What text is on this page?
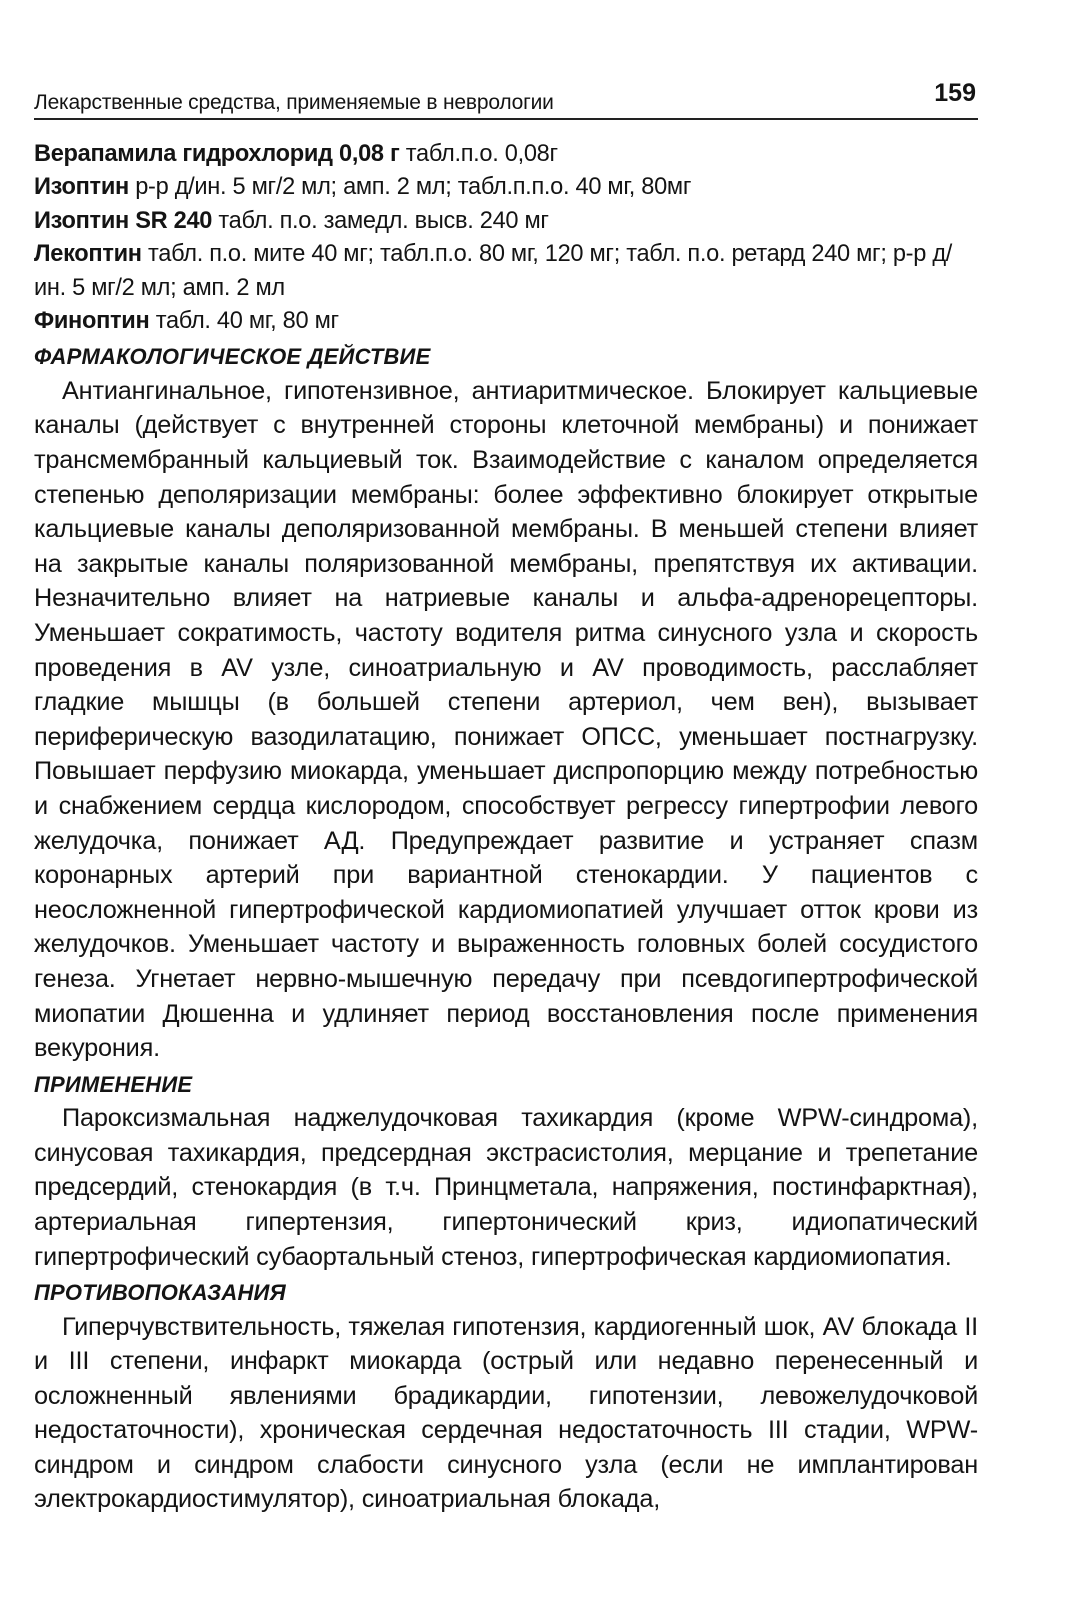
Лекарственные средства, применяемые в неврологии	159

Верапамила гидрохлорид 0,08 г табл.п.о. 0,08г

Изоптин р-р д/ин. 5 мг/2 мл; амп. 2 мл; табл.п.п.о. 40 мг, 80мг

Изоптин SR 240 табл. п.о. замедл. высв. 240 мг

Лекоптин табл. п.о. мите 40 мг; табл.п.о. 80 мг, 120 мг; табл. п.о. ретард 240 мг; р-р д/ин. 5 мг/2 мл; амп. 2 мл

Финоптин табл. 40 мг, 80 мг

ФАРМАКОЛОГИЧЕСКОЕ ДЕЙСТВИЕ

Антиангинальное, гипотензивное, антиаритмическое. Блокирует кальциевые каналы (действует с внутренней стороны клеточной мембраны) и понижает трансмембранный кальциевый ток. Взаимодействие с каналом определяется степенью деполяризации мембраны: более эффективно блокирует открытые кальциевые каналы деполяризованной мембраны. В меньшей степени влияет на закрытые каналы поляризованной мембраны, препятствуя их активации. Незначительно влияет на натриевые каналы и альфа-адренорецепторы. Уменьшает сократимость, частоту водителя ритма синусного узла и скорость проведения в AV узле, синоатриальную и AV проводимость, расслабляет гладкие мышцы (в большей степени артериол, чем вен), вызывает периферическую вазодилатацию, понижает ОПСС, уменьшает постнагрузку. Повышает перфузию миокарда, уменьшает диспропорцию между потребностью и снабжением сердца кислородом, способствует регрессу гипертрофии левого желудочка, понижает АД. Предупреждает развитие и устраняет спазм коронарных артерий при вариантной стенокардии. У пациентов с неосложненной гипертрофической кардиомиопатией улучшает отток крови из желудочков. Уменьшает частоту и выраженность головных болей сосудистого генеза. Угнетает нервно-мышечную передачу при псевдогипертрофической миопатии Дюшенна и удлиняет период восстановления после применения векурония.

ПРИМЕНЕНИЕ

Пароксизмальная наджелудочковая тахикардия (кроме WPW-синдрома), синусовая тахикардия, предсердная экстрасистолия, мерцание и трепетание предсердий, стенокардия (в т.ч. Принцметала, напряжения, постинфарктная), артериальная гипертензия, гипертонический криз, идиопатический гипертрофический субаортальный стеноз, гипертрофическая кардиомиопатия.

ПРОТИВОПОКАЗАНИЯ

Гиперчувствительность, тяжелая гипотензия, кардиогенный шок, AV блокада II и III степени, инфаркт миокарда (острый или недавно перенесенный и осложненный явлениями брадикардии, гипотензии, левожелудочковой недостаточности), хроническая сердечная недостаточность III стадии, WPW-синдром и синдром слабости синусного узла (если не имплантирован электрокардиостимулятор), синоатриальная блокада,
